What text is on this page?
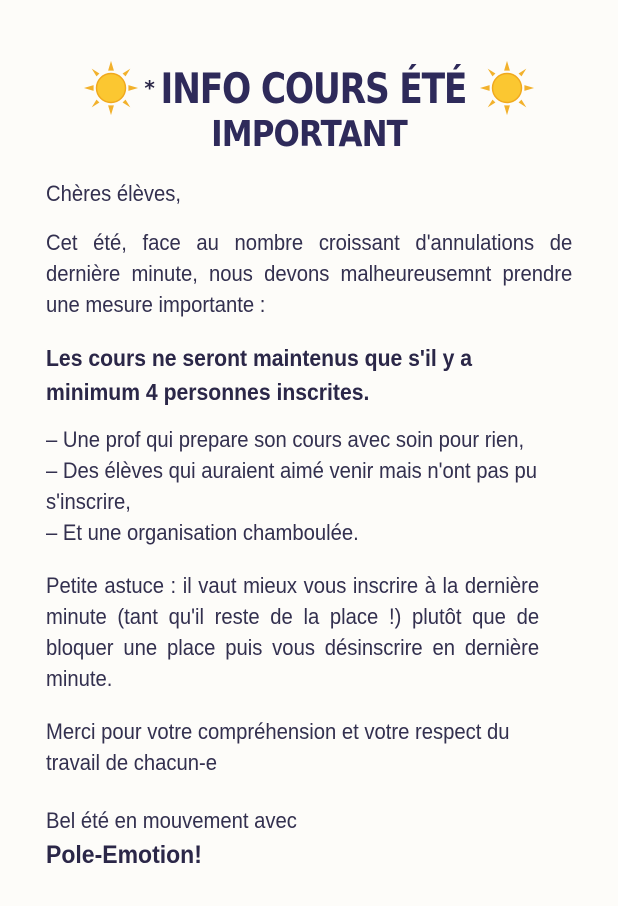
* INFO COURS ÉTÉ
IMPORTANT
Chères élèves,
Cet été, face au nombre croissant d'annulations de dernière minute, nous devons malheureusemnt prendre une mesure importante :
Les cours ne seront maintenus que s'il y a
minimum 4 personnes inscrites.
– Une prof qui prepare son cours avec soin pour rien,
– Des élèves qui auraient aimé venir mais n'ont pas pu s'inscrire,
– Et une organisation chamboulée.
Petite astuce : il vaut mieux vous inscrire à la dernière minute (tant qu'il reste de la place !) plutôt que de bloquer une place puis vous désinscrire en dernière minute.
Merci pour votre compréhension et votre respect du travail de chacun-e
Bel été en mouvement avec
Pole-Emotion!
